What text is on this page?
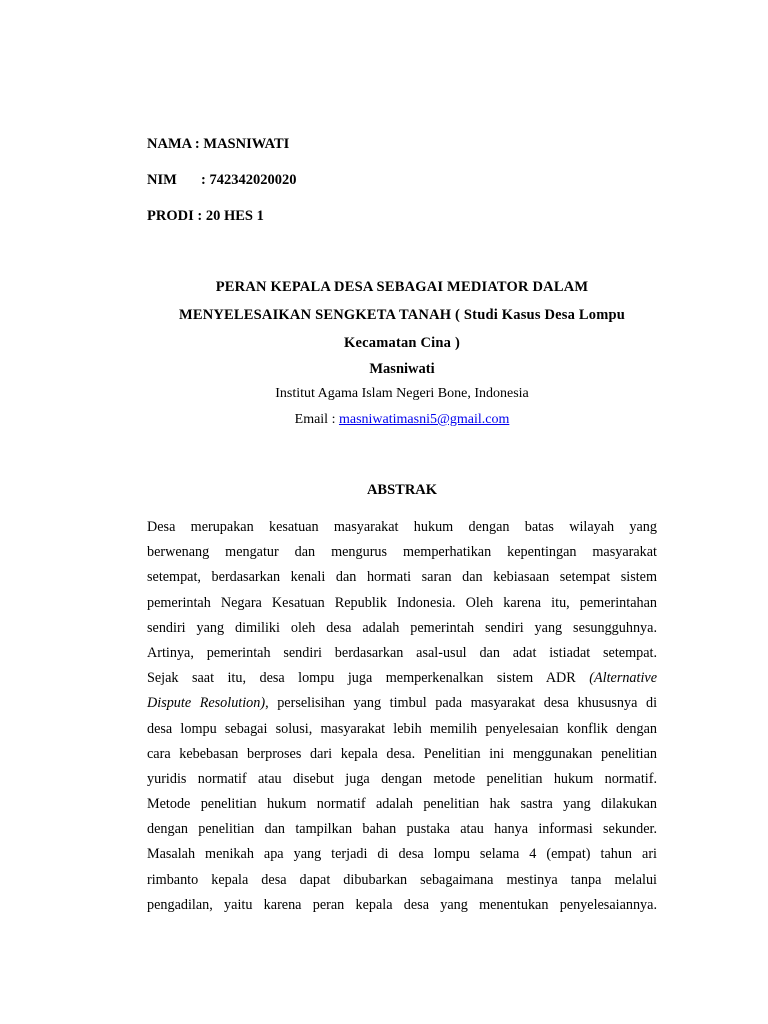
NAMA : MASNIWATI
NIM : 742342020020
PRODI : 20 HES 1
PERAN KEPALA DESA SEBAGAI MEDIATOR DALAM
MENYELESAIKAN SENGKETA TANAH ( Studi Kasus Desa Lompu
Kecamatan Cina )
Masniwati
Institut Agama Islam Negeri Bone, Indonesia
Email : masniwatimasni5@gmail.com
ABSTRAK
Desa merupakan kesatuan masyarakat hukum dengan batas wilayah yang
berwenang mengatur dan mengurus memperhatikan kepentingan masyarakat
setempat, berdasarkan kenali dan hormati saran dan kebiasaan setempat sistem
pemerintah Negara Kesatuan Republik Indonesia. Oleh karena itu, pemerintahan
sendiri yang dimiliki oleh desa adalah pemerintah sendiri yang sesungguhnya.
Artinya, pemerintah sendiri berdasarkan asal-usul dan adat istiadat setempat.
Sejak saat itu, desa lompu juga memperkenalkan sistem ADR (Alternative
Dispute Resolution), perselisihan yang timbul pada masyarakat desa khususnya di
desa lompu sebagai solusi, masyarakat lebih memilih penyelesaian konflik dengan
cara kebebasan berproses dari kepala desa. Penelitian ini menggunakan penelitian
yuridis normatif atau disebut juga dengan metode penelitian hukum normatif.
Metode penelitian hukum normatif adalah penelitian hak sastra yang dilakukan
dengan penelitian dan tampilkan bahan pustaka atau hanya informasi sekunder.
Masalah menikah apa yang terjadi di desa lompu selama 4 (empat) tahun ari
rimbanto kepala desa dapat dibubarkan sebagaimana mestinya tanpa melalui
pengadilan, yaitu karena peran kepala desa yang menentukan penyelesaiannya.
